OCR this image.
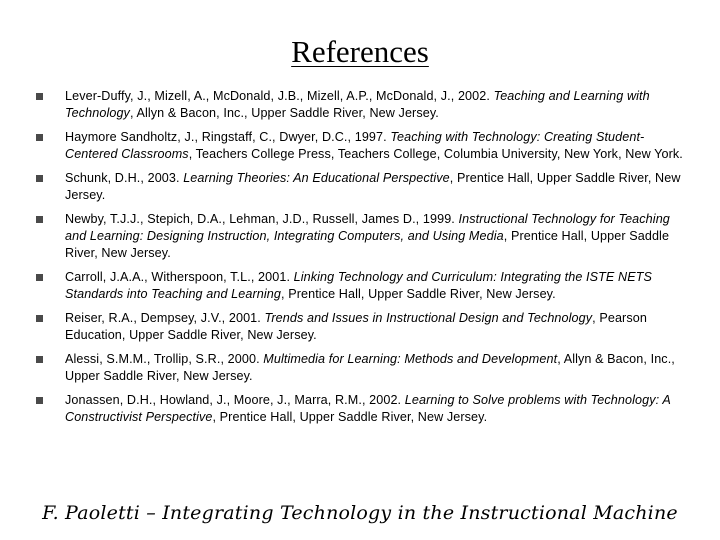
References
Lever-Duffy, J., Mizell, A., McDonald, J.B., Mizell, A.P., McDonald, J., 2002. Teaching and Learning with Technology, Allyn & Bacon, Inc., Upper Saddle River, New Jersey.
Haymore Sandholtz, J., Ringstaff, C., Dwyer, D.C., 1997. Teaching with Technology: Creating Student-Centered Classrooms, Teachers College Press, Teachers College, Columbia University, New York, New York.
Schunk, D.H., 2003. Learning Theories: An Educational Perspective, Prentice Hall, Upper Saddle River, New Jersey.
Newby, T.J.J., Stepich, D.A., Lehman, J.D., Russell, James D., 1999. Instructional Technology for Teaching and Learning: Designing Instruction, Integrating Computers, and Using Media, Prentice Hall, Upper Saddle River, New Jersey.
Carroll, J.A.A., Witherspoon, T.L., 2001. Linking Technology and Curriculum: Integrating the ISTE NETS Standards into Teaching and Learning, Prentice Hall, Upper Saddle River, New Jersey.
Reiser, R.A., Dempsey, J.V., 2001. Trends and Issues in Instructional Design and Technology, Pearson Education, Upper Saddle River, New Jersey.
Alessi, S.M.M., Trollip, S.R., 2000. Multimedia for Learning: Methods and Development, Allyn & Bacon, Inc., Upper Saddle River, New Jersey.
Jonassen, D.H., Howland, J., Moore, J., Marra, R.M., 2002. Learning to Solve problems with Technology: A Constructivist Perspective, Prentice Hall, Upper Saddle River, New Jersey.
F. Paoletti – Integrating Technology in the Instructional Machine
